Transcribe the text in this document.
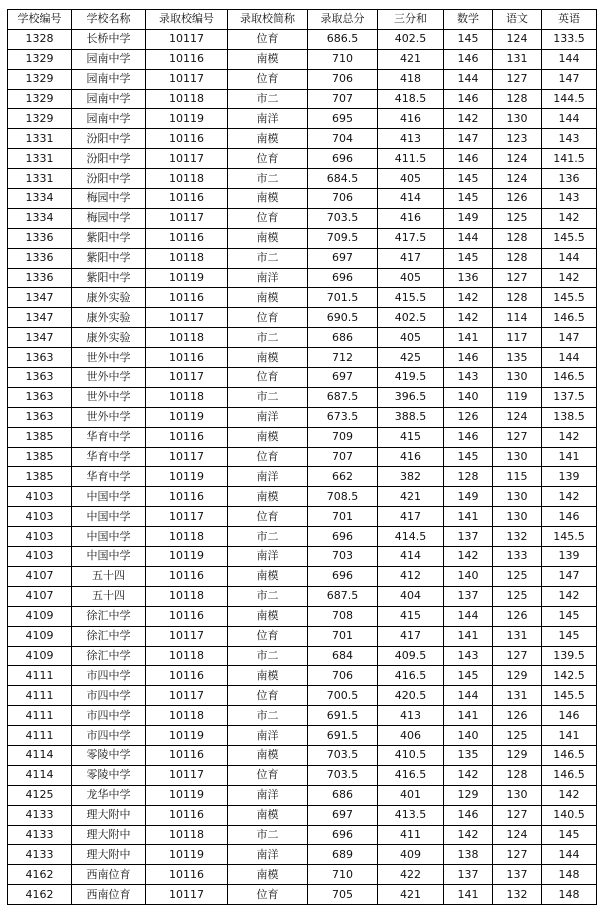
学校编号	学校名称	录取校编号	录取校简称	录取总分	三分和	数学	语文	英语
1328	长桥中学	10117	位育	686.5	402.5	145	124	133.5
1329	园南中学	10116	南模	710	421	146	131	144
1329	园南中学	10117	位育	706	418	144	127	147
1329	园南中学	10118	市二	707	418.5	146	128	144.5
1329	园南中学	10119	南洋	695	416	142	130	144
1331	汾阳中学	10116	南模	704	413	147	123	143
1331	汾阳中学	10117	位育	696	411.5	146	124	141.5
1331	汾阳中学	10118	市二	684.5	405	145	124	136
1334	梅园中学	10116	南模	706	414	145	126	143
1334	梅园中学	10117	位育	703.5	416	149	125	142
1336	紫阳中学	10116	南模	709.5	417.5	144	128	145.5
1336	紫阳中学	10118	市二	697	417	145	128	144
1336	紫阳中学	10119	南洋	696	405	136	127	142
1347	康外实验	10116	南模	701.5	415.5	142	128	145.5
1347	康外实验	10117	位育	690.5	402.5	142	114	146.5
1347	康外实验	10118	市二	686	405	141	117	147
1363	世外中学	10116	南模	712	425	146	135	144
1363	世外中学	10117	位育	697	419.5	143	130	146.5
1363	世外中学	10118	市二	687.5	396.5	140	119	137.5
1363	世外中学	10119	南洋	673.5	388.5	126	124	138.5
1385	华育中学	10116	南模	709	415	146	127	142
1385	华育中学	10117	位育	707	416	145	130	141
1385	华育中学	10119	南洋	662	382	128	115	139
4103	中国中学	10116	南模	708.5	421	149	130	142
4103	中国中学	10117	位育	701	417	141	130	146
4103	中国中学	10118	市二	696	414.5	137	132	145.5
4103	中国中学	10119	南洋	703	414	142	133	139
4107	五十四	10116	南模	696	412	140	125	147
4107	五十四	10118	市二	687.5	404	137	125	142
4109	徐汇中学	10116	南模	708	415	144	126	145
4109	徐汇中学	10117	位育	701	417	141	131	145
4109	徐汇中学	10118	市二	684	409.5	143	127	139.5
4111	市四中学	10116	南模	706	416.5	145	129	142.5
4111	市四中学	10117	位育	700.5	420.5	144	131	145.5
4111	市四中学	10118	市二	691.5	413	141	126	146
4111	市四中学	10119	南洋	691.5	406	140	125	141
4114	零陵中学	10116	南模	703.5	410.5	135	129	146.5
4114	零陵中学	10117	位育	703.5	416.5	142	128	146.5
4125	龙华中学	10119	南洋	686	401	129	130	142
4133	理大附中	10116	南模	697	413.5	146	127	140.5
4133	理大附中	10118	市二	696	411	142	124	145
4133	理大附中	10119	南洋	689	409	138	127	144
4162	西南位育	10116	南模	710	422	137	137	148
4162	西南位育	10117	位育	705	421	141	132	148
